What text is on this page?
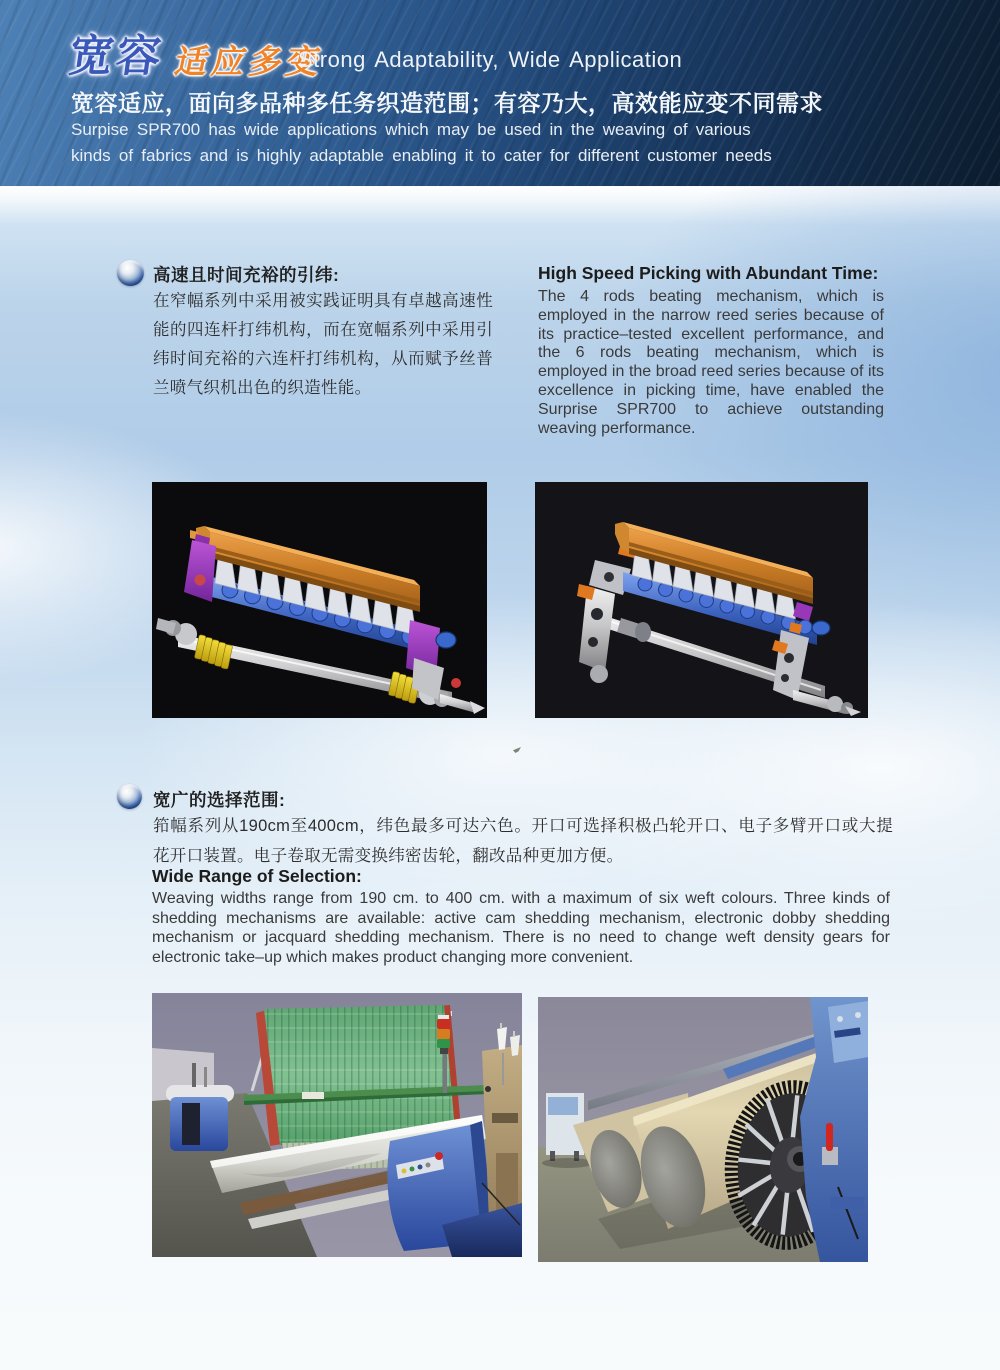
宽容 适应多变
Strong Adaptability, Wide Application
宽容适应，面向多品种多任务织造范围；有容乃大，高效能应变不同需求
Surpise SPR700 has wide applications which may be used in the weaving of various
kinds of fabrics and is highly adaptable enabling it to cater for different customer needs
高速且时间充裕的引纬:
在窄幅系列中采用被实践证明具有卓越高速性能的四连杆打纬机构，而在宽幅系列中采用引纬时间充裕的六连杆打纬机构，从而赋予丝普兰喷气织机出色的织造性能。
High Speed Picking with Abundant Time:
The 4 rods beating mechanism, which is employed in the narrow reed series because of its practice–tested excellent performance, and the 6 rods beating mechanism, which is employed in the broad reed series because of its excellence in picking time, have enabled the Surprise SPR700 to achieve outstanding weaving performance.
宽广的选择范围:
筘幅系列从190cm至400cm，纬色最多可达六色。开口可选择积极凸轮开口、电子多臂开口或大提花开口装置。电子卷取无需变换纬密齿轮，翻改品种更加方便。
Wide Range of Selection:
Weaving widths range from 190 cm. to 400 cm. with a maximum of six weft colours. Three kinds of shedding mechanisms are available: active cam shedding mechanism, electronic dobby shedding mechanism or jacquard shedding mechanism. There is no need to change weft density gears for electronic take–up which makes product changing more convenient.
